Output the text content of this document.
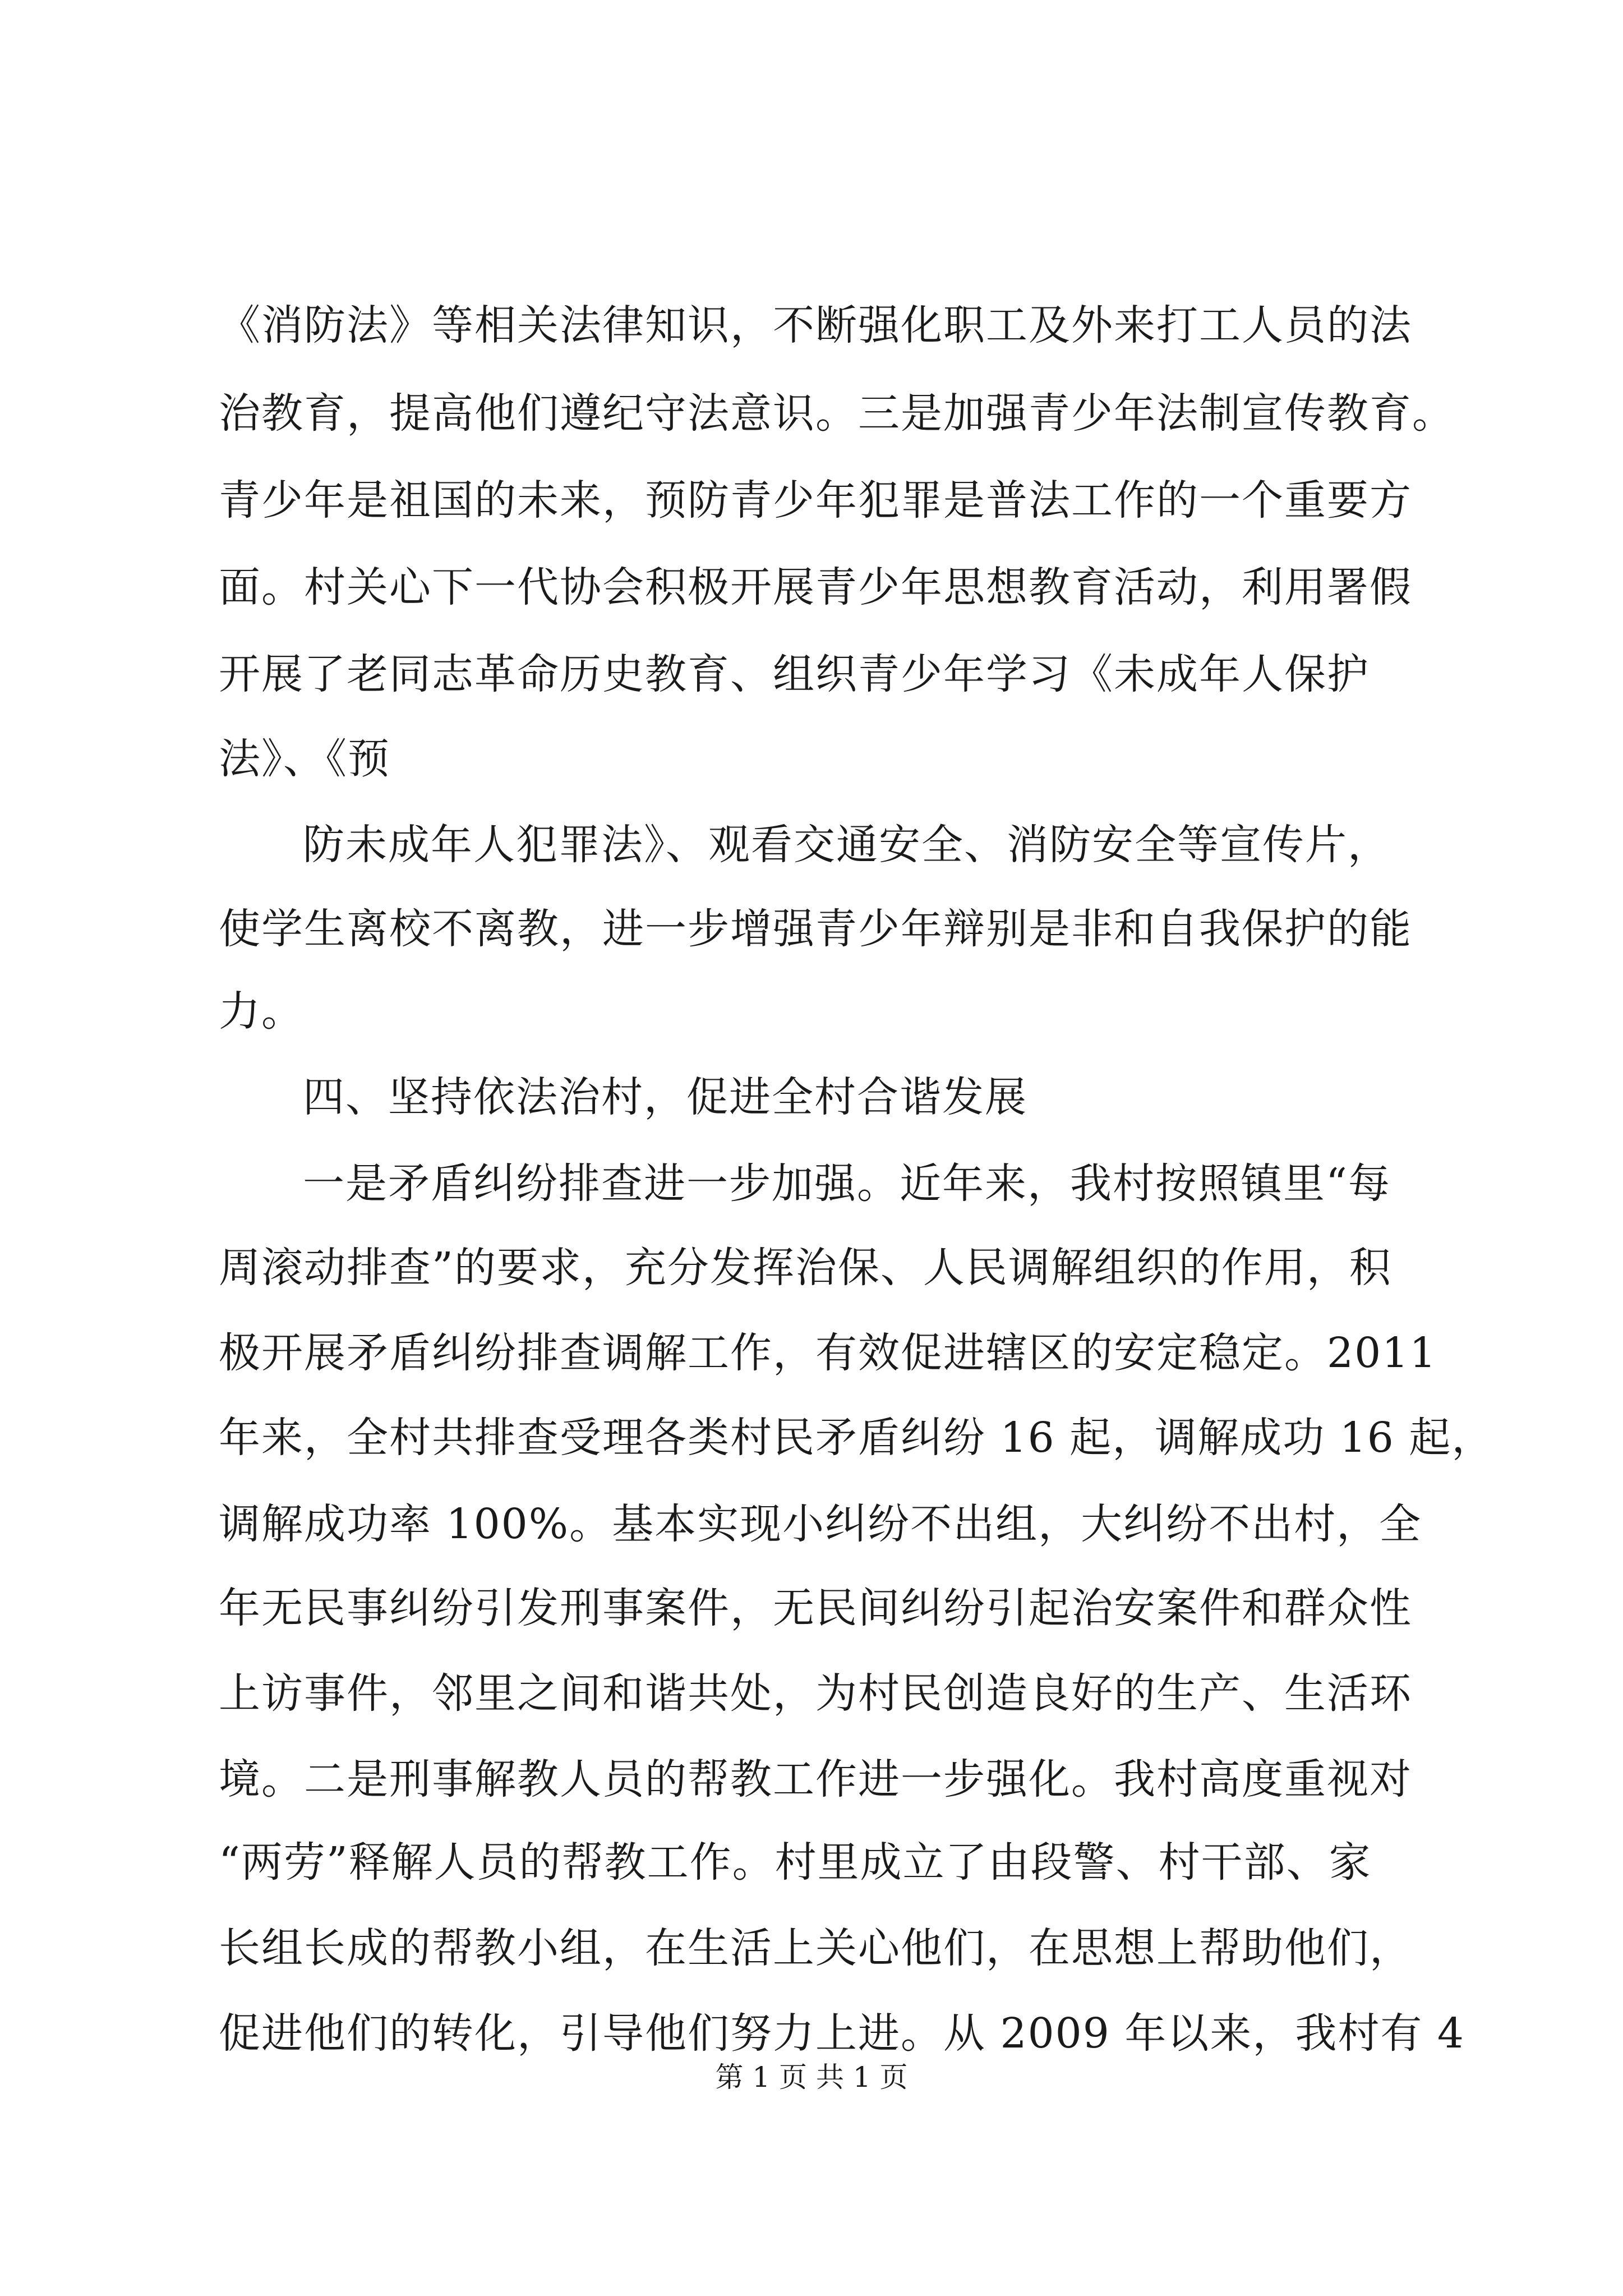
《消防法》等相关法律知识，不断强化职工及外来打工人员的法
治教育，提高他们遵纪守法意识。三是加强青少年法制宣传教育。
青少年是祖国的未来，预防青少年犯罪是普法工作的一个重要方
面。村关心下一代协会积极开展青少年思想教育活动，利用署假
开展了老同志革命历史教育、组织青少年学习《未成年人保护
法》、《预
防未成年人犯罪法》、观看交通安全、消防安全等宣传片，
使学生离校不离教，进一步增强青少年辩别是非和自我保护的能
力。
四、坚持依法治村，促进全村合谐发展
一是矛盾纠纷排查进一步加强。近年来，我村按照镇里“每
周滚动排查”的要求，充分发挥治保、人民调解组织的作用，积
极开展矛盾纠纷排查调解工作，有效促进辖区的安定稳定。2011
年来，全村共排查受理各类村民矛盾纠纷 16 起，调解成功 16 起，
调解成功率 100%。基本实现小纠纷不出组，大纠纷不出村，全
年无民事纠纷引发刑事案件，无民间纠纷引起治安案件和群众性
上访事件，邻里之间和谐共处，为村民创造良好的生产、生活环
境。二是刑事解教人员的帮教工作进一步强化。我村高度重视对
“两劳”释解人员的帮教工作。村里成立了由段警、村干部、家
长组长成的帮教小组，在生活上关心他们，在思想上帮助他们，
促进他们的转化，引导他们努力上进。从 2009 年以来，我村有 4
第 1 页 共 1 页
